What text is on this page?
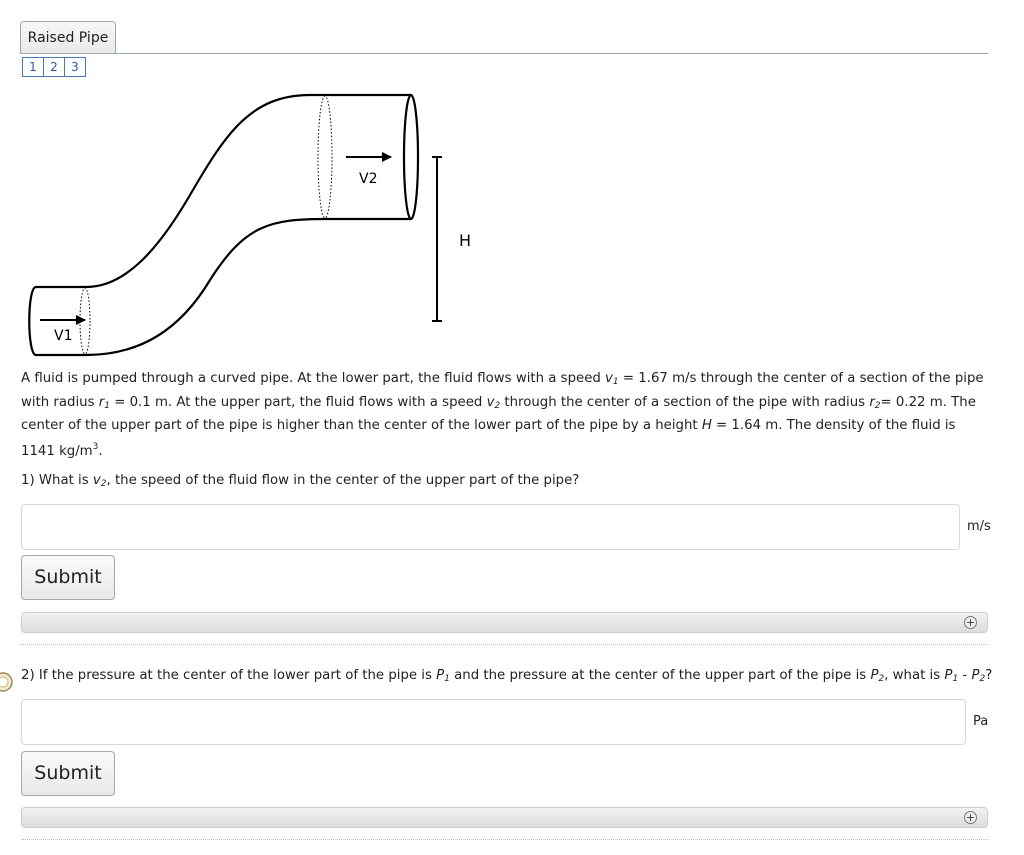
Raised Pipe
1	2	3
V1
V2
H
A fluid is pumped through a curved pipe. At the lower part, the fluid flows with a speed $v_1 = 1.67$ m/s through the center of a section of the pipe with radius $r_1 = 0.1$ m. At the upper part, the fluid flows with a speed $v_2$ through the center of a section of the pipe with radius $r_2= 0.22$ m. The center of the upper part of the pipe is higher than the center of the lower part of the pipe by a height H = 1.64 m. The density of the fluid is 1141 $kg/m^3$.
1) What is $v_2$, the speed of the fluid flow in the center of the upper part of the pipe?
m/s
Submit
+
2) If the pressure at the center of the lower part of the pipe is $P_1$ and the pressure at the center of the upper part of the pipe is $P_2$, what is $P_1 - P_2$?
Pa
Submit
+
